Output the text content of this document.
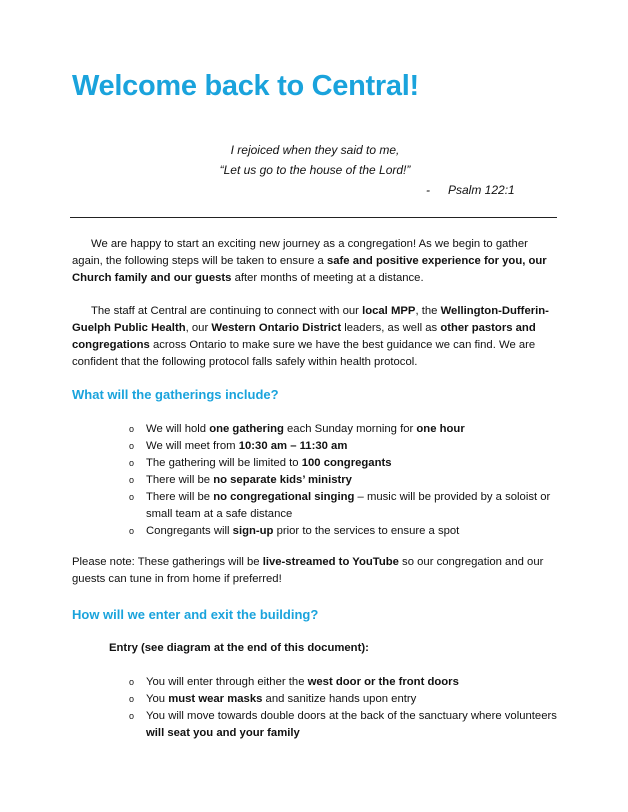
Welcome back to Central!
I rejoiced when they said to me,
“Let us go to the house of the Lord!”
- Psalm 122:1

We are happy to start an exciting new journey as a congregation! As we begin to gather again, the following steps will be taken to ensure a safe and positive experience for you, our Church family and our guests after months of meeting at a distance.

The staff at Central are continuing to connect with our local MPP, the Wellington-Dufferin-Guelph Public Health, our Western Ontario District leaders, as well as other pastors and congregations across Ontario to make sure we have the best guidance we can find. We are confident that the following protocol falls safely within health protocol.

What will the gatherings include?
o We will hold one gathering each Sunday morning for one hour
o We will meet from 10:30 am – 11:30 am
o The gathering will be limited to 100 congregants
o There will be no separate kids’ ministry
o There will be no congregational singing – music will be provided by a soloist or small team at a safe distance
o Congregants will sign-up prior to the services to ensure a spot

Please note: These gatherings will be live-streamed to YouTube so our congregation and our guests can tune in from home if preferred!

How will we enter and exit the building?

Entry (see diagram at the end of this document):

o You will enter through either the west door or the front doors
o You must wear masks and sanitize hands upon entry
o You will move towards double doors at the back of the sanctuary where volunteers will seat you and your family
